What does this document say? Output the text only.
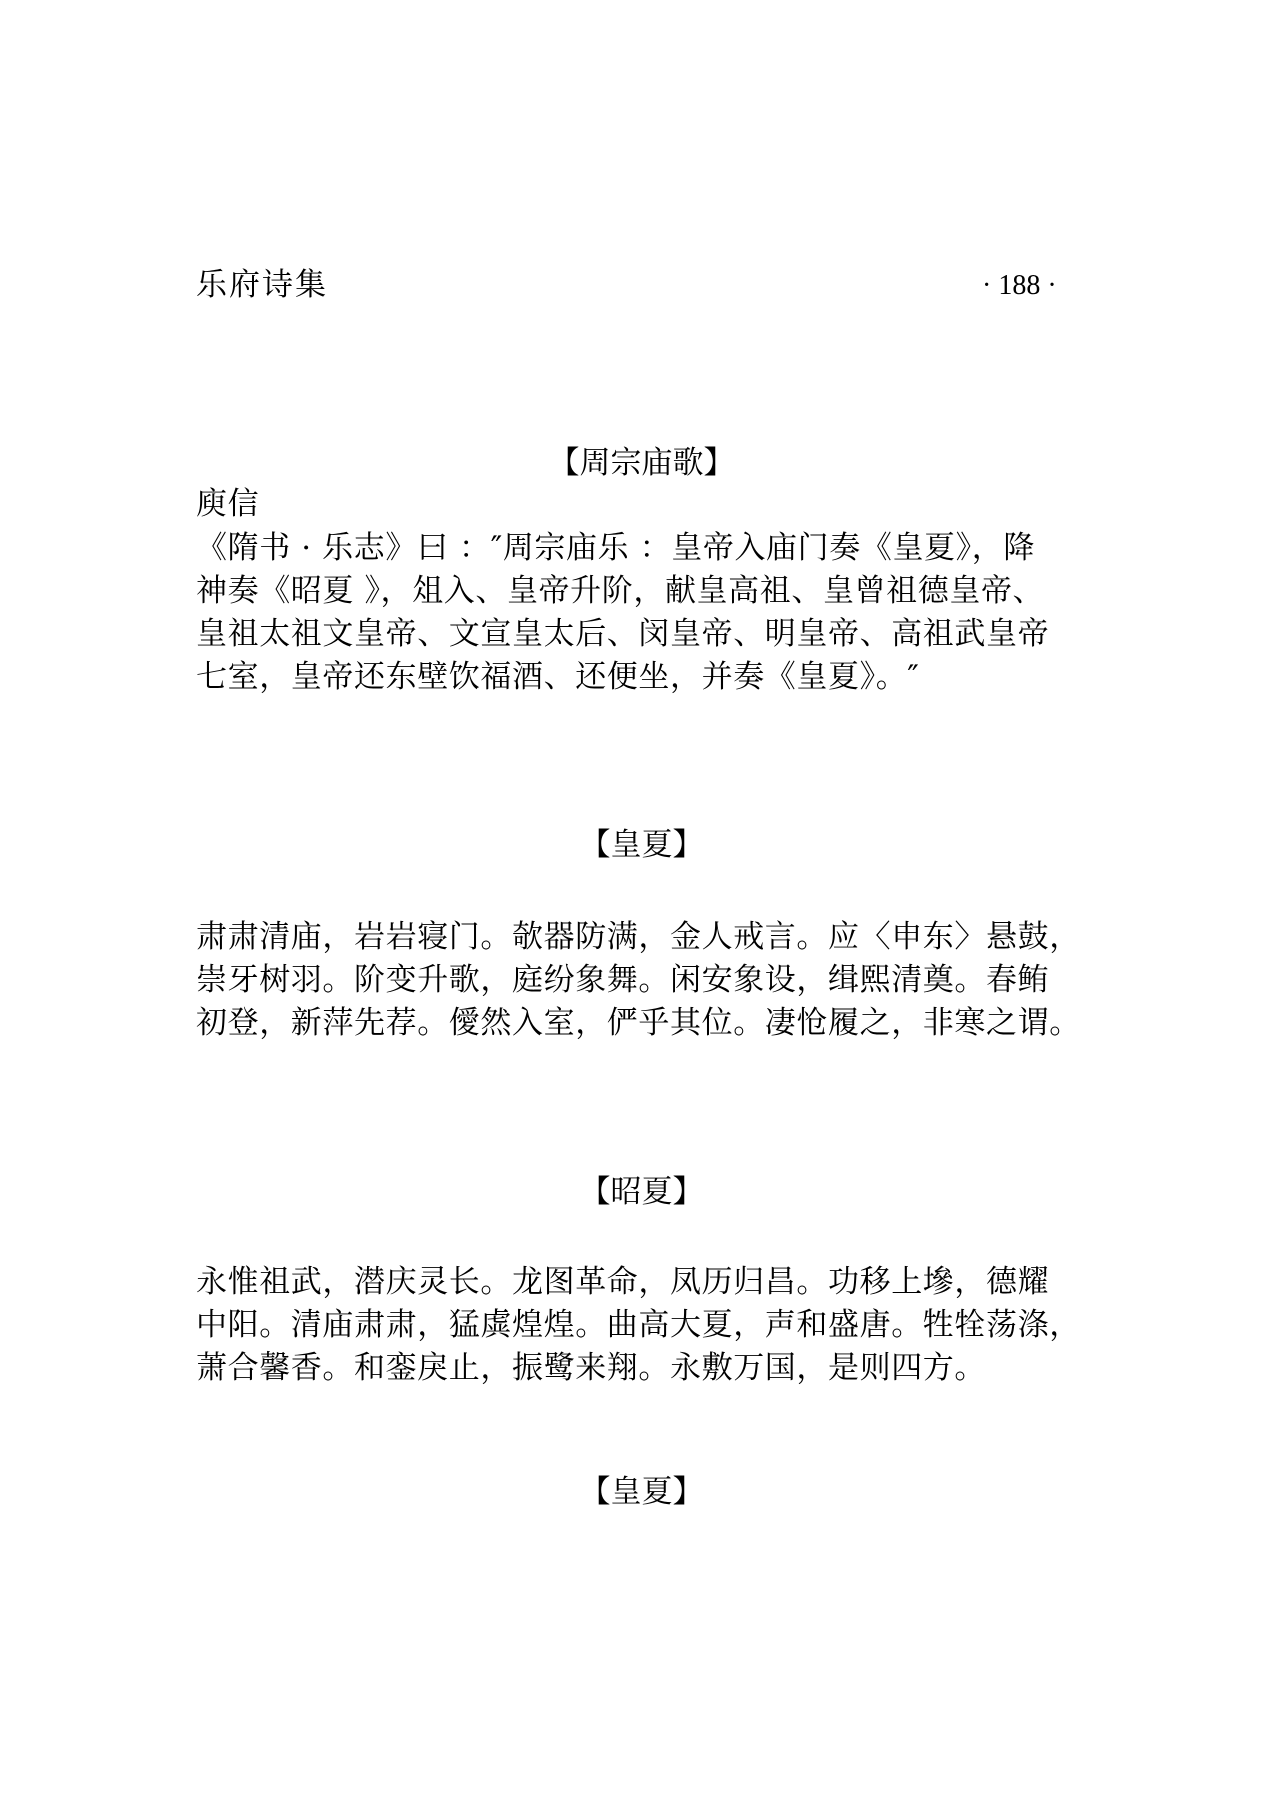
乐府诗集	· 188 ·
【周宗庙歌】
庾信
《隋书 · 乐志》曰 ：″周宗庙乐 ：皇帝入庙门奏《皇夏》，降
神奏《昭夏 》，俎入、皇帝升阶，献皇高祖、皇曾祖德皇帝、
皇祖太祖文皇帝、文宣皇太后、闵皇帝、明皇帝、高祖武皇帝
七室，皇帝还东壁饮福酒、还便坐，并奏《皇夏》。″
【皇夏】
肃肃清庙，岩岩寝门。欹器防满，金人戒言。应〈申东〉悬鼓，
崇牙树羽。阶变升歌，庭纷象舞。闲安象设，缉熙清奠。春鲔
初登，新萍先荐。僾然入室，俨乎其位。凄怆履之，非寒之谓。
【昭夏】
永惟祖武，潜庆灵长。龙图革命，凤历归昌。功移上墋，德耀
中阳。清庙肃肃，猛虡煌煌。曲高大夏，声和盛唐。牲牷荡涤，
萧合馨香。和銮戾止，振鹭来翔。永敷万国，是则四方。
【皇夏】
